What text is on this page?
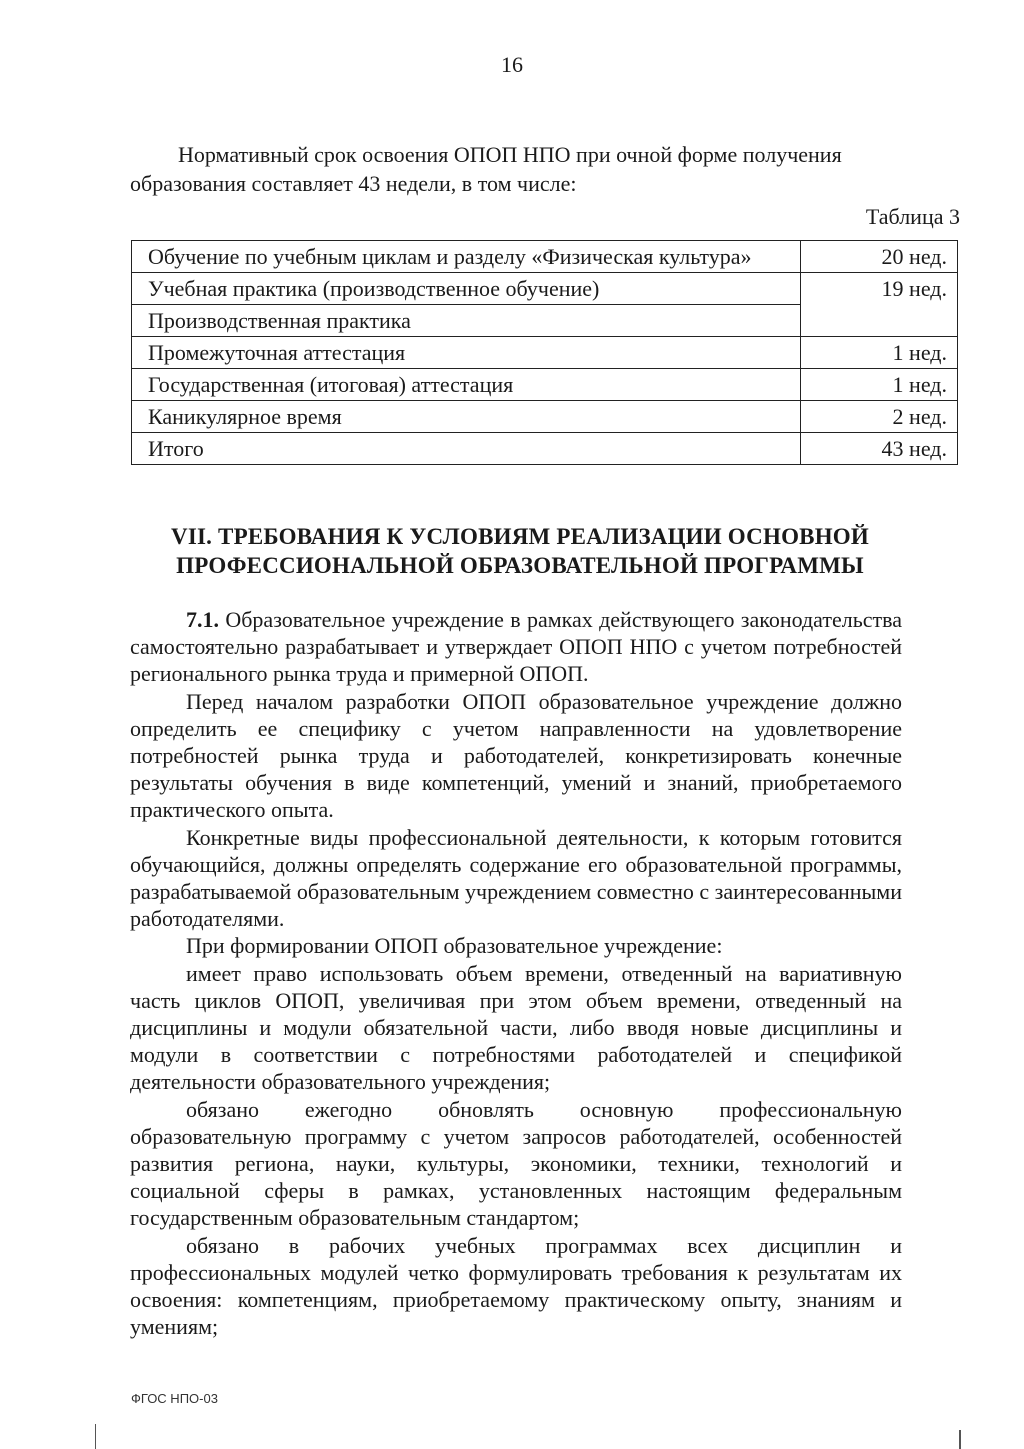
16

Нормативный срок освоения ОПОП НПО при очной форме получения образования составляет 43 недели, в том числе:

Таблица 3
Обучение по учебным циклам и разделу «Физическая культура»	20 нед.
Учебная практика (производственное обучение)	19 нед.
Производственная практика	
Промежуточная аттестация	1 нед.
Государственная (итоговая) аттестация	1 нед.
Каникулярное время	2 нед.
Итого	43 нед.
VII. ТРЕБОВАНИЯ К УСЛОВИЯМ РЕАЛИЗАЦИИ ОСНОВНОЙ
ПРОФЕССИОНАЛЬНОЙ ОБРАЗОВАТЕЛЬНОЙ ПРОГРАММЫ

7.1. Образовательное учреждение в рамках действующего законодательства самостоятельно разрабатывает и утверждает ОПОП НПО с учетом потребностей регионального рынка труда и примерной ОПОП.

Перед началом разработки ОПОП образовательное учреждение должно определить ее специфику с учетом направленности на удовлетворение потребностей рынка труда и работодателей, конкретизировать конечные результаты обучения в виде компетенций, умений и знаний, приобретаемого практического опыта.

Конкретные виды профессиональной деятельности, к которым готовится обучающийся, должны определять содержание его образовательной программы, разрабатываемой образовательным учреждением совместно с заинтересованными работодателями.

При формировании ОПОП образовательное учреждение:

имеет право использовать объем времени, отведенный на вариативную часть циклов ОПОП, увеличивая при этом объем времени, отведенный на дисциплины и модули обязательной части, либо вводя новые дисциплины и модули в соответствии с потребностями работодателей и спецификой деятельности образовательного учреждения;

обязано ежегодно обновлять основную профессиональную образовательную программу с учетом запросов работодателей, особенностей развития региона, науки, культуры, экономики, техники, технологий и социальной сферы в рамках, установленных настоящим федеральным государственным образовательным стандартом;

обязано в рабочих учебных программах всех дисциплин и профессиональных модулей четко формулировать требования к результатам их освоения: компетенциям, приобретаемому практическому опыту, знаниям и умениям;

ФГОС НПО-03
